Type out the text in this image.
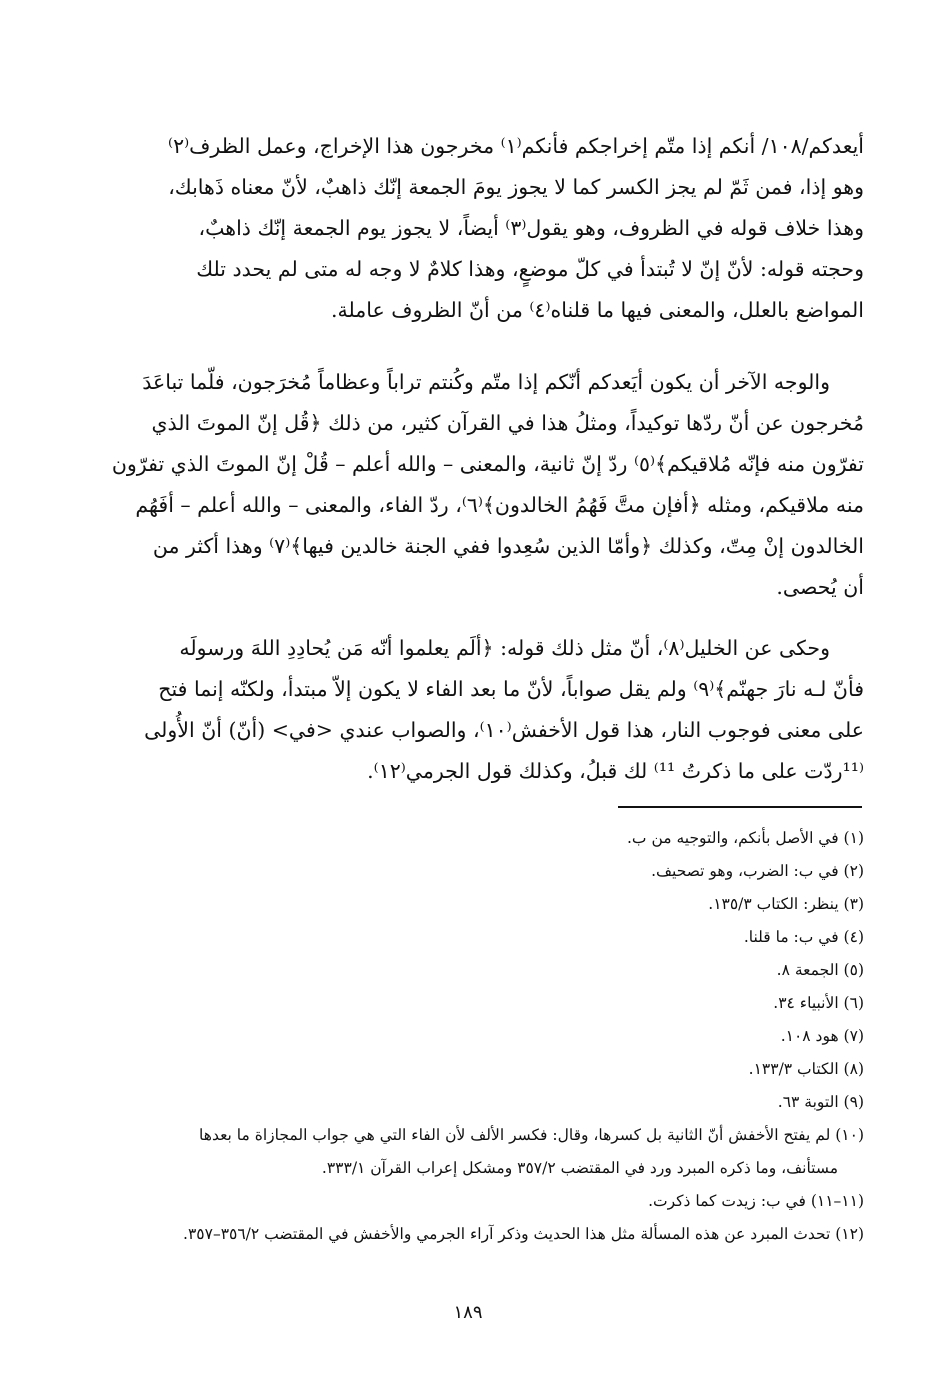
أيعدكم/١٠٨/ أنكم إذا متّم إخراجكم فأنكم⁽١⁾ مخرجون هذا الإخراج، وعمل الظرف⁽٢⁾
وهو إذا، فمن ثَمّ لم يجز الكسر كما لا يجوز يومَ الجمعة إنّك ذاهبٌ، لأنّ معناه ذَهابك،
وهذا خلاف قوله في الظروف، وهو يقول⁽٣⁾ أيضاً، لا يجوز يوم الجمعة إنّك ذاهبٌ،
وحجته قوله: لأنّ إنّ لا تُبتدأ في كلّ موضعٍ، وهذا كلامٌ لا وجه له متى لم يحدد تلك
المواضع بالعلل، والمعنى فيها ما قلناه⁽٤⁾ من أنّ الظروف عاملة.
والوجه الآخر أن يكون أيَعدكم أنّكم إذا متّم وكُنتم تراباً وعظاماً مُخرَجون، فلّما تباعَدَ
مُخرجون عن أنّ ردّها توكيداً، ومثلُ هذا في القرآن كثير، من ذلك ﴿قُل إنّ الموتَ الذي
تفرّون منه فإنّه مُلاقيكم﴾⁽٥⁾ ردّ إنّ ثانية، والمعنى – والله أعلم – قُلْ إنّ الموتَ الذي تفرّون
منه ملاقيكم، ومثله ﴿أفإن متَّ فَهُمُ الخالدون﴾⁽٦⁾، ردّ الفاء، والمعنى – والله أعلم – أفَهُم
الخالدون إنْ مِتّ، وكذلك ﴿وأمّا الذين سُعِدوا ففي الجنة خالدين فيها﴾⁽٧⁾ وهذا أكثر من
أن يُحصى.
وحكى عن الخليل⁽٨⁾، أنّ مثل ذلك قوله: ﴿ألَم يعلموا أنّه مَن يُحادِدِ اللهَ ورسولَه
فأنّ لـه نارَ جهنّم﴾⁽٩⁾ ولم يقل صواباً، لأنّ ما بعد الفاء لا يكون إلاّ مبتدأ، ولكنّه إنما فتح
على معنى فوجوب النار، هذا قول الأخفش⁽١٠⁾، والصواب عندي <في> (أنّ) أنّ الأُولى
⁽¹¹ردّت على ما ذكرتُ ¹¹⁾ لك قبلُ، وكذلك قول الجرمي⁽١٢⁾.
(١) في الأصل بأنكم، والتوجيه من ب.
(٢) في ب: الضرب، وهو تصحيف.
(٣) ينظر: الكتاب ١٣٥/٣.
(٤) في ب: ما قلنا.
(٥) الجمعة ٨.
(٦) الأنبياء ٣٤.
(٧) هود ١٠٨.
(٨) الكتاب ١٣٣/٣.
(٩) التوبة ٦٣.
(١٠) لم يفتح الأخفش أنّ الثانية بل كسرها، وقال: فكسر الألف لأن الفاء التي هي جواب المجازاة ما بعدها
مستأنف، وما ذكره المبرد ورد في المقتضب ٣٥٧/٢ ومشكل إعراب القرآن ٣٣٣/١.
(١١–١١) في ب: زيدت كما ذكرت.
(١٢) تحدث المبرد عن هذه المسألة مثل هذا الحديث وذكر آراء الجرمي والأخفش في المقتضب ٣٥٦/٢–٣٥٧.
١٨٩
